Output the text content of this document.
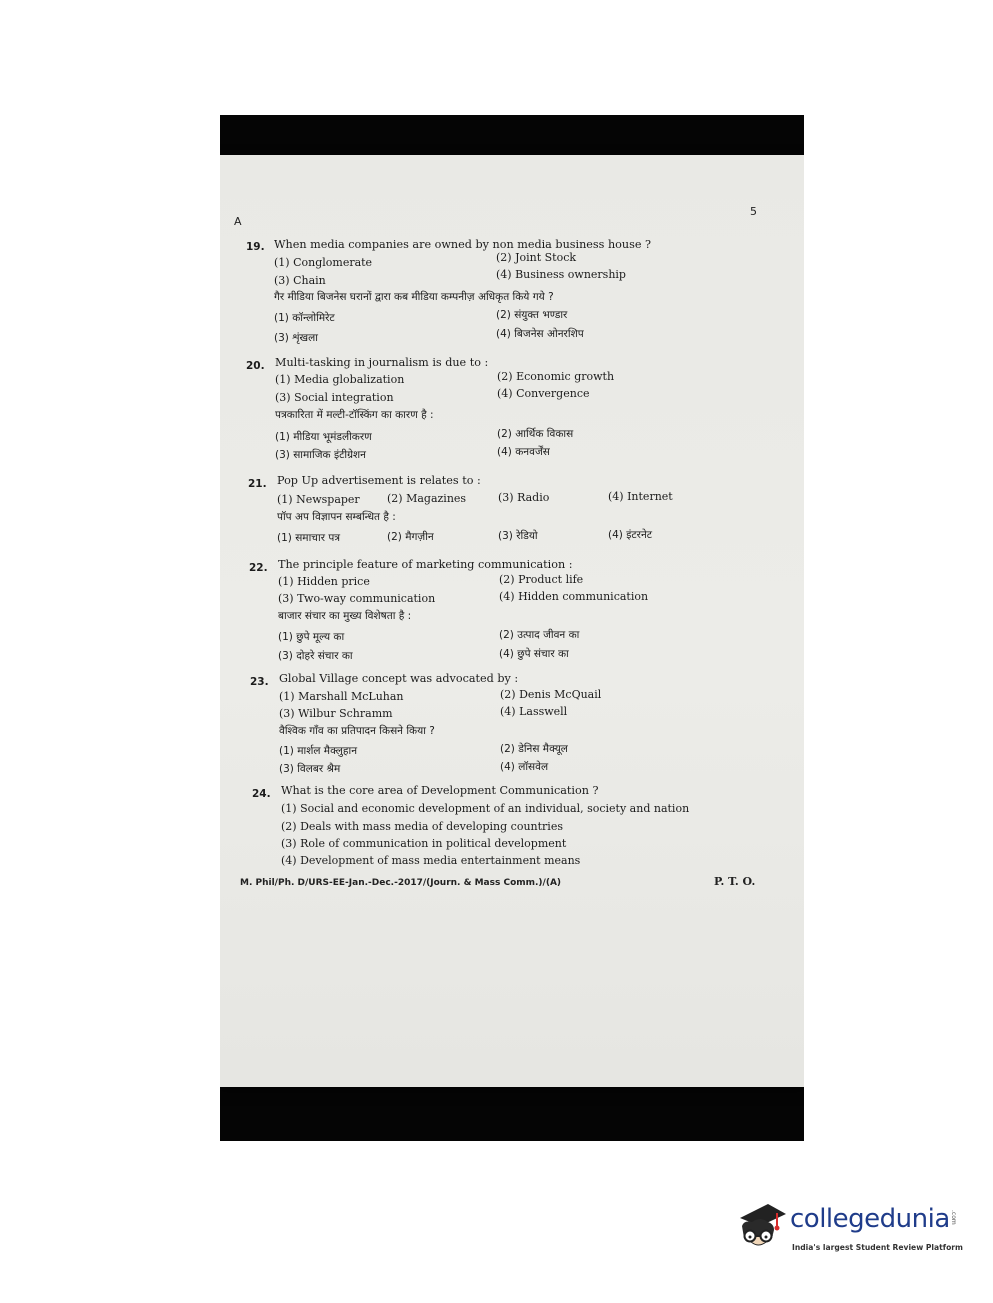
A
5
19. When media companies are owned by non media business house ?
(1) Conglomerate	(2) Joint Stock
(3) Chain	(4) Business ownership
गैर मीडिया बिजनेस घरानों द्वारा कब मीडिया कम्पनीज़ अधिकृत किये गये ?
(1) कॉन्लोमिरेट	(2) संयुक्त भण्डार
(3) शृंखला	(4) बिजनेस ओनरशिप
20. Multi-tasking in journalism is due to :
(1) Media globalization	(2) Economic growth
(3) Social integration	(4) Convergence
पत्रकारिता में मल्टी-टॉस्किंग का कारण है :
(1) मीडिया भूमंडलीकरण	(2) आर्थिक विकास
(3) सामाजिक इंटीग्रेशन	(4) कनवर्जेंस
21. Pop Up advertisement is relates to :
(1) Newspaper (2) Magazines	(3) Radio	(4) Internet
पॉप अप विज्ञापन सम्बन्धित है :
(1) समाचार पत्र	(2) मैगज़ीन	(3) रेडियो	(4) इंटरनेट
22. The principle feature of marketing communication :
(1) Hidden price	(2) Product life
(3) Two-way communication	(4) Hidden communication
बाजार संचार का मुख्य विशेषता है :
(1) छुपे मूल्य का	(2) उत्पाद जीवन का
(3) दोहरे संचार का	(4) छुपे संचार का
23. Global Village concept was advocated by :
(1) Marshall McLuhan	(2) Denis McQuail
(3) Wilbur Schramm	(4) Lasswell
वैश्विक गाँव का प्रतिपादन किसने किया ?
(1) मार्शल मैक्लुहान	(2) डेनिस मैक्यूल
(3) विलबर श्रैम	(4) लॉसवेल
24. What is the core area of Development Communication ?
(1) Social and economic development of an individual, society and nation
(2) Deals with mass media of developing countries
(3) Role of communication in political development
(4) Development of mass media entertainment means
M. Phil/Ph. D/URS-EE-Jan.-Dec.-2017/(Journ. & Mass Comm.)/(A)	P. T. O.
collegedunia .com
India's largest Student Review Platform
